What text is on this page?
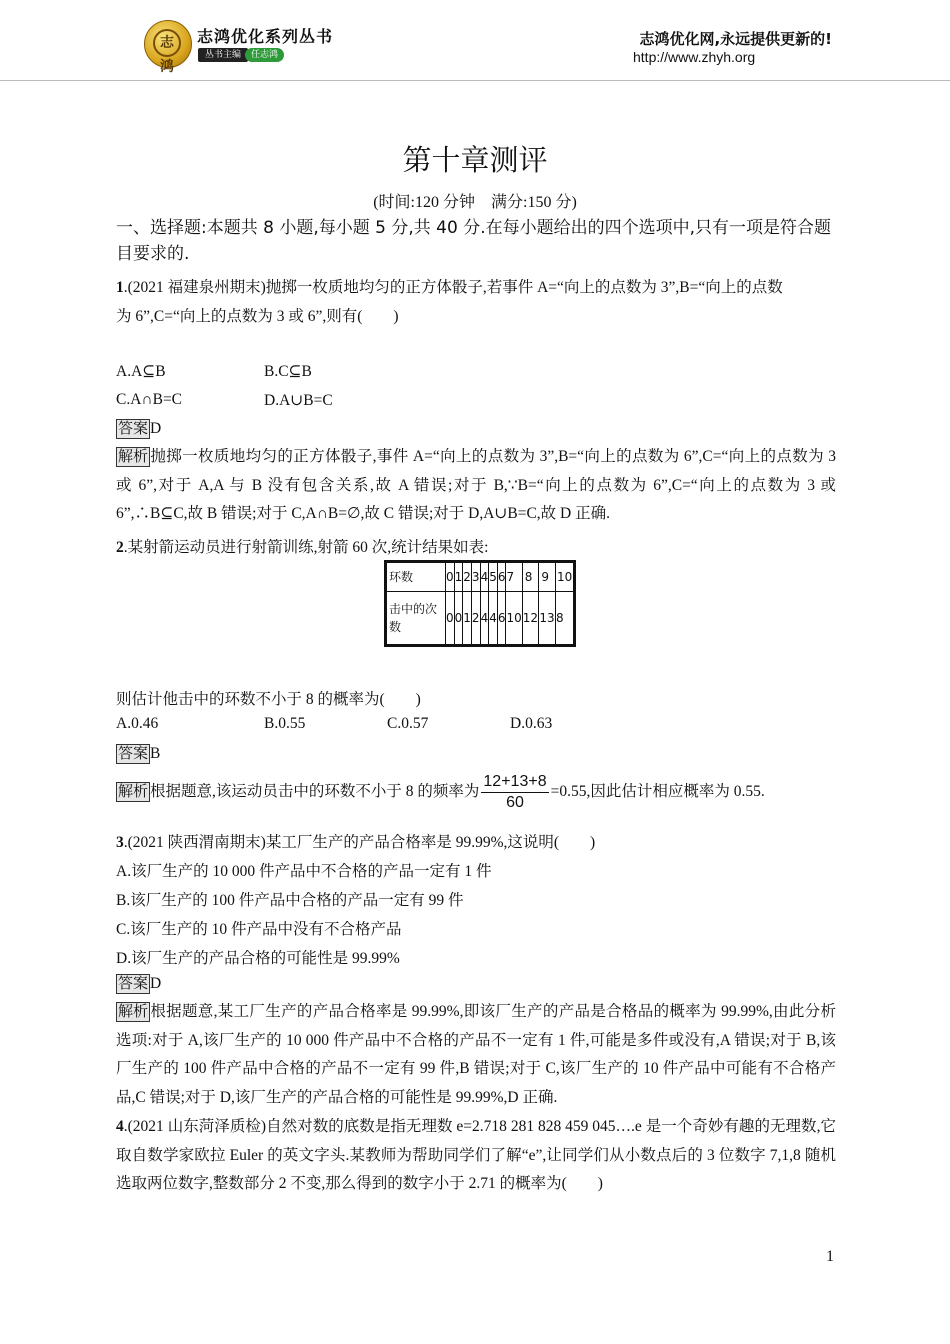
志鸿
志鸿优化系列丛书
丛书主编	任志鸿
志鸿优化网,永远提供更新的!
http://www.zhyh.org
第十章测评
(时间:120 分钟　满分:150 分)
一、选择题:本题共 8 小题,每小题 5 分,共 40 分.在每小题给出的四个选项中,只有一项是符合题目要求的.
1.(2021 福建泉州期末)抛掷一枚质地均匀的正方体骰子,若事件 A=“向上的点数为 3”,B=“向上的点数
为 6”,C=“向上的点数为 3 或 6”,则有(　　)
A.A⊆B	B.C⊆B
C.A∩B=C	D.A∪B=C
答案 D
解析 抛掷一枚质地均匀的正方体骰子,事件 A=“向上的点数为 3”,B=“向上的点数为 6”,C=“向上的点数为 3 或 6”,对于 A,A 与 B 没有包含关系,故 A 错误;对于 B,∵B=“向上的点数为 6”,C=“向上的点数为 3 或 6”,∴B⊆C,故 B 错误;对于 C,A∩B=∅,故 C 错误;对于 D,A∪B=C,故 D 正确.
2.某射箭运动员进行射箭训练,射箭 60 次,统计结果如表:
环数	0	1	2	3	4	5	6	7	8	9	10
击中的次数	0	0	1	2	4	4	6	10	12	13	8
则估计他击中的环数不小于 8 的概率为(　　)
A.0.46	B.0.55	C.0.57	D.0.63
答案 B
解析 根据题意,该运动员击中的环数不小于 8 的频率为 $\frac{12+13+8}{60} =0.55$,因此估计相应概率为 0.55.
3.(2021 陕西渭南期末)某工厂生产的产品合格率是 99.99%,这说明(　　)
A.该厂生产的 10 000 件产品中不合格的产品一定有 1 件
B.该厂生产的 100 件产品中合格的产品一定有 99 件
C.该厂生产的 10 件产品中没有不合格产品
D.该厂生产的产品合格的可能性是 99.99%
答案 D
解析 根据题意,某工厂生产的产品合格率是 99.99%,即该厂生产的产品是合格品的概率为 99.99%,由此分析选项:对于 A,该厂生产的 10 000 件产品中不合格的产品不一定有 1 件,可能是多件或没有,A 错误;对于 B,该厂生产的 100 件产品中合格的产品不一定有 99 件,B 错误;对于 C,该厂生产的 10 件产品中可能有不合格产品,C 错误;对于 D,该厂生产的产品合格的可能性是 99.99%,D 正确.
4.(2021 山东菏泽质检)自然对数的底数是指无理数 e=2.718 281 828 459 045….e 是一个奇妙有趣的无理数,它取自数学家欧拉 Euler 的英文字头.某教师为帮助同学们了解“e”,让同学们从小数点后的 3 位数字 7,1,8 随机选取两位数字,整数部分 2 不变,那么得到的数字小于 2.71 的概率为(　　)
1
